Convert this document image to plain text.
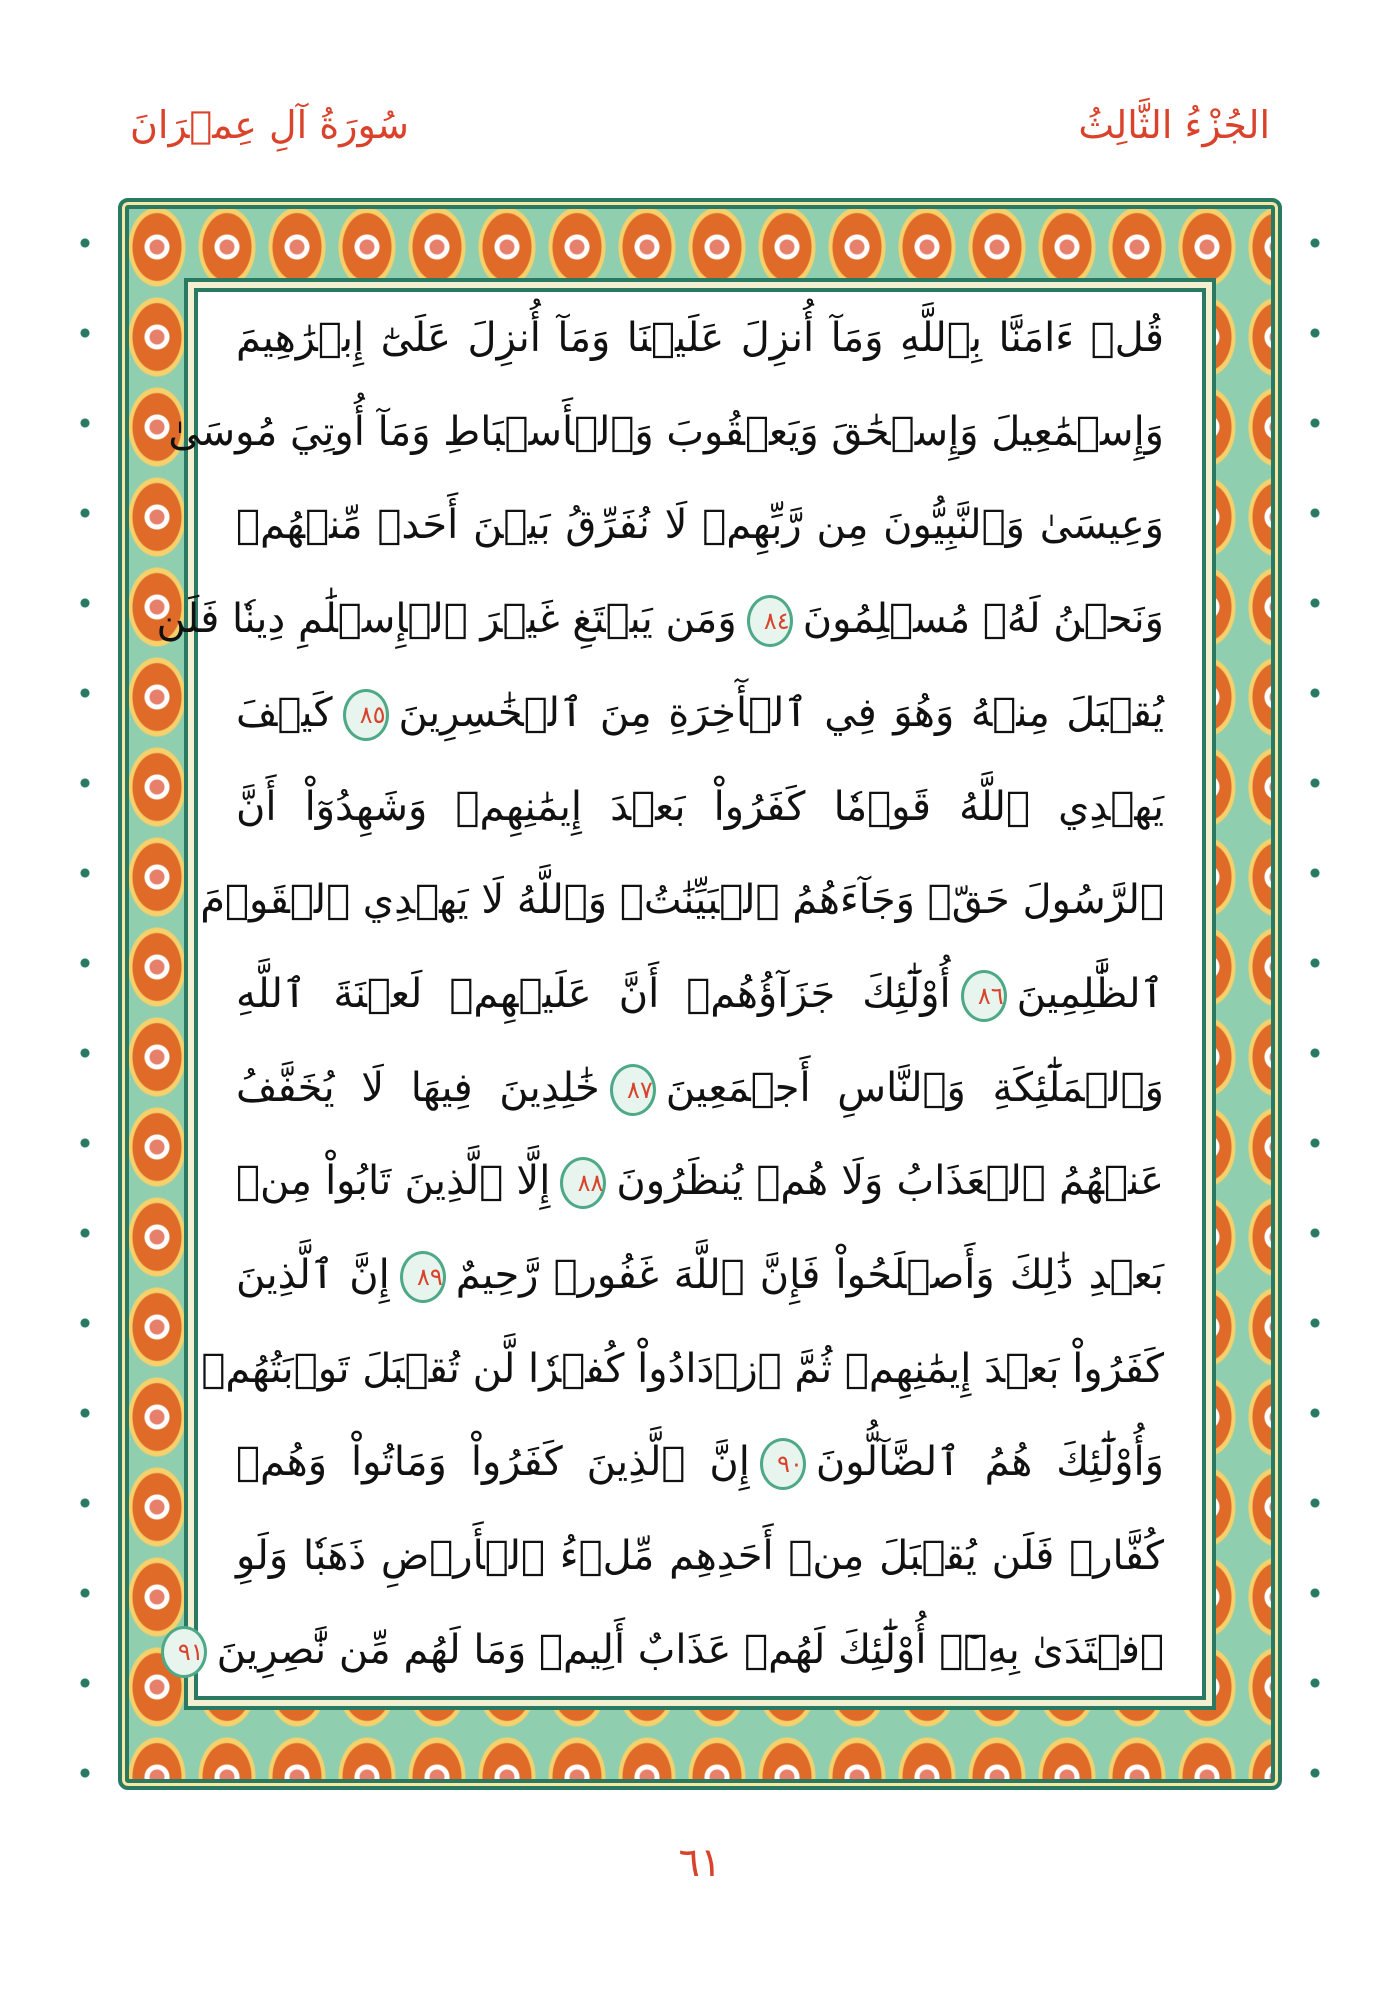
الجُزْءُ الثَّالِثُ
سُورَةُ آلِ عِمۡرَانَ
قُلۡ ءَامَنَّا بِٱللَّهِ وَمَآ أُنزِلَ عَلَيۡنَا وَمَآ أُنزِلَ عَلَىٰٓ إِبۡرَٰهِيمَ
وَإِسۡمَٰعِيلَ وَإِسۡحَٰقَ وَيَعۡقُوبَ وَٱلۡأَسۡبَاطِ وَمَآ أُوتِيَ مُوسَىٰ
وَعِيسَىٰ وَٱلنَّبِيُّونَ مِن رَّبِّهِمۡ لَا نُفَرِّقُ بَيۡنَ أَحَدٖ مِّنۡهُمۡ
وَنَحۡنُ لَهُۥ مُسۡلِمُونَ٨٤وَمَن يَبۡتَغِ غَيۡرَ ٱلۡإِسۡلَٰمِ دِينٗا فَلَن
يُقۡبَلَ مِنۡهُ وَهُوَ فِي ٱلۡأٓخِرَةِ مِنَ ٱلۡخَٰسِرِينَ٨٥كَيۡفَ
يَهۡدِي ٱللَّهُ قَوۡمٗا كَفَرُواْ بَعۡدَ إِيمَٰنِهِمۡ وَشَهِدُوٓاْ أَنَّ
ٱلرَّسُولَ حَقّٞ وَجَآءَهُمُ ٱلۡبَيِّنَٰتُۚ وَٱللَّهُ لَا يَهۡدِي ٱلۡقَوۡمَ
ٱلظَّٰلِمِينَ٨٦أُوْلَٰٓئِكَ جَزَآؤُهُمۡ أَنَّ عَلَيۡهِمۡ لَعۡنَةَ ٱللَّهِ
وَٱلۡمَلَٰٓئِكَةِ وَٱلنَّاسِ أَجۡمَعِينَ٨٧خَٰلِدِينَ فِيهَا لَا يُخَفَّفُ
عَنۡهُمُ ٱلۡعَذَابُ وَلَا هُمۡ يُنظَرُونَ٨٨إِلَّا ٱلَّذِينَ تَابُواْ مِنۢ
بَعۡدِ ذَٰلِكَ وَأَصۡلَحُواْ فَإِنَّ ٱللَّهَ غَفُورٞ رَّحِيمٌ٨٩إِنَّ ٱلَّذِينَ
كَفَرُواْ بَعۡدَ إِيمَٰنِهِمۡ ثُمَّ ٱزۡدَادُواْ كُفۡرٗا لَّن تُقۡبَلَ تَوۡبَتُهُمۡ
وَأُوْلَٰٓئِكَ هُمُ ٱلضَّآلُّونَ٩٠إِنَّ ٱلَّذِينَ كَفَرُواْ وَمَاتُواْ وَهُمۡ
كُفَّارٞ فَلَن يُقۡبَلَ مِنۡ أَحَدِهِم مِّلۡءُ ٱلۡأَرۡضِ ذَهَبٗا وَلَوِ
ٱفۡتَدَىٰ بِهِۦٓۗ أُوْلَٰٓئِكَ لَهُمۡ عَذَابٌ أَلِيمٞ وَمَا لَهُم مِّن نَّٰصِرِينَ٩١
٦١
